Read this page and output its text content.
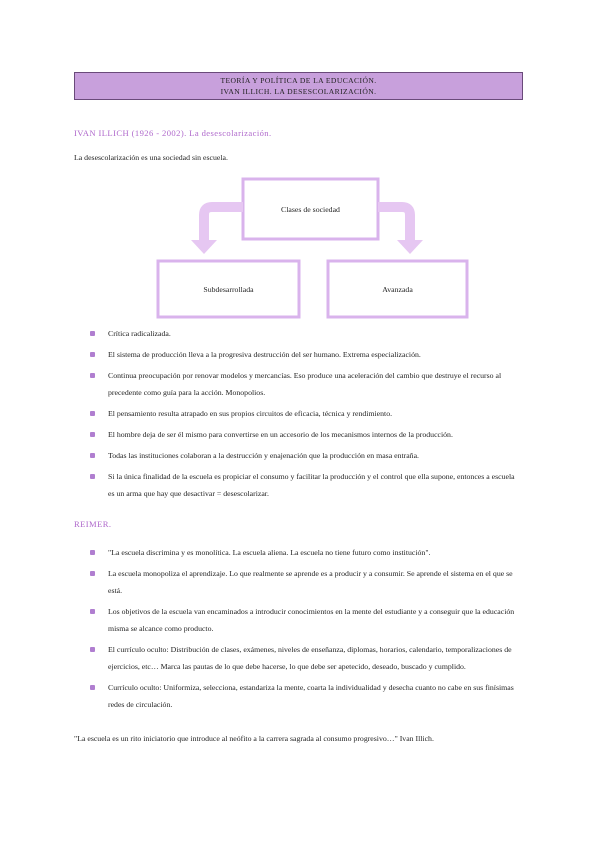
TEORÍA Y POLÍTICA DE LA EDUCACIÓN.
IVAN ILLICH. LA DESESCOLARIZACIÓN.
IVAN ILLICH (1926 - 2002). La desescolarización.
La desescolarización es una sociedad sin escuela.
Clases de sociedad
Subdesarrollada	Avanzada
Crítica radicalizada.
El sistema de producción lleva a la progresiva destrucción del ser humano. Extrema especialización.
Continua preocupación por renovar modelos y mercancías. Eso produce una aceleración del cambio que destruye el recurso al precedente como guía para la acción. Monopolios.
El pensamiento resulta atrapado en sus propios circuitos de eficacia, técnica y rendimiento.
El hombre deja de ser él mismo para convertirse en un accesorio de los mecanismos internos de la producción.
Todas las instituciones colaboran a la destrucción y enajenación que la producción en masa entraña.
Si la única finalidad de la escuela es propiciar el consumo y facilitar la producción y el control que ella supone, entonces a escuela es un arma que hay que desactivar = desescolarizar.
REIMER.
"La escuela discrimina y es monolítica. La escuela aliena. La escuela no tiene futuro como institución".
La escuela monopoliza el aprendizaje. Lo que realmente se aprende es a producir y a consumir. Se aprende el sistema en el que se está.
Los objetivos de la escuela van encaminados a introducir conocimientos en la mente del estudiante y a conseguir que la educación misma se alcance como producto.
El currículo oculto: Distribución de clases, exámenes, niveles de enseñanza, diplomas, horarios, calendario, temporalizaciones de ejercicios, etc… Marca las pautas de lo que debe hacerse, lo que debe ser apetecido, deseado, buscado y cumplido.
Currículo oculto: Uniformiza, selecciona, estandariza la mente, coarta la individualidad y desecha cuanto no cabe en sus finísimas redes de circulación.
"La escuela es un rito iniciatorio que introduce al neófito a la carrera sagrada al consumo progresivo…" Ivan Illich.
